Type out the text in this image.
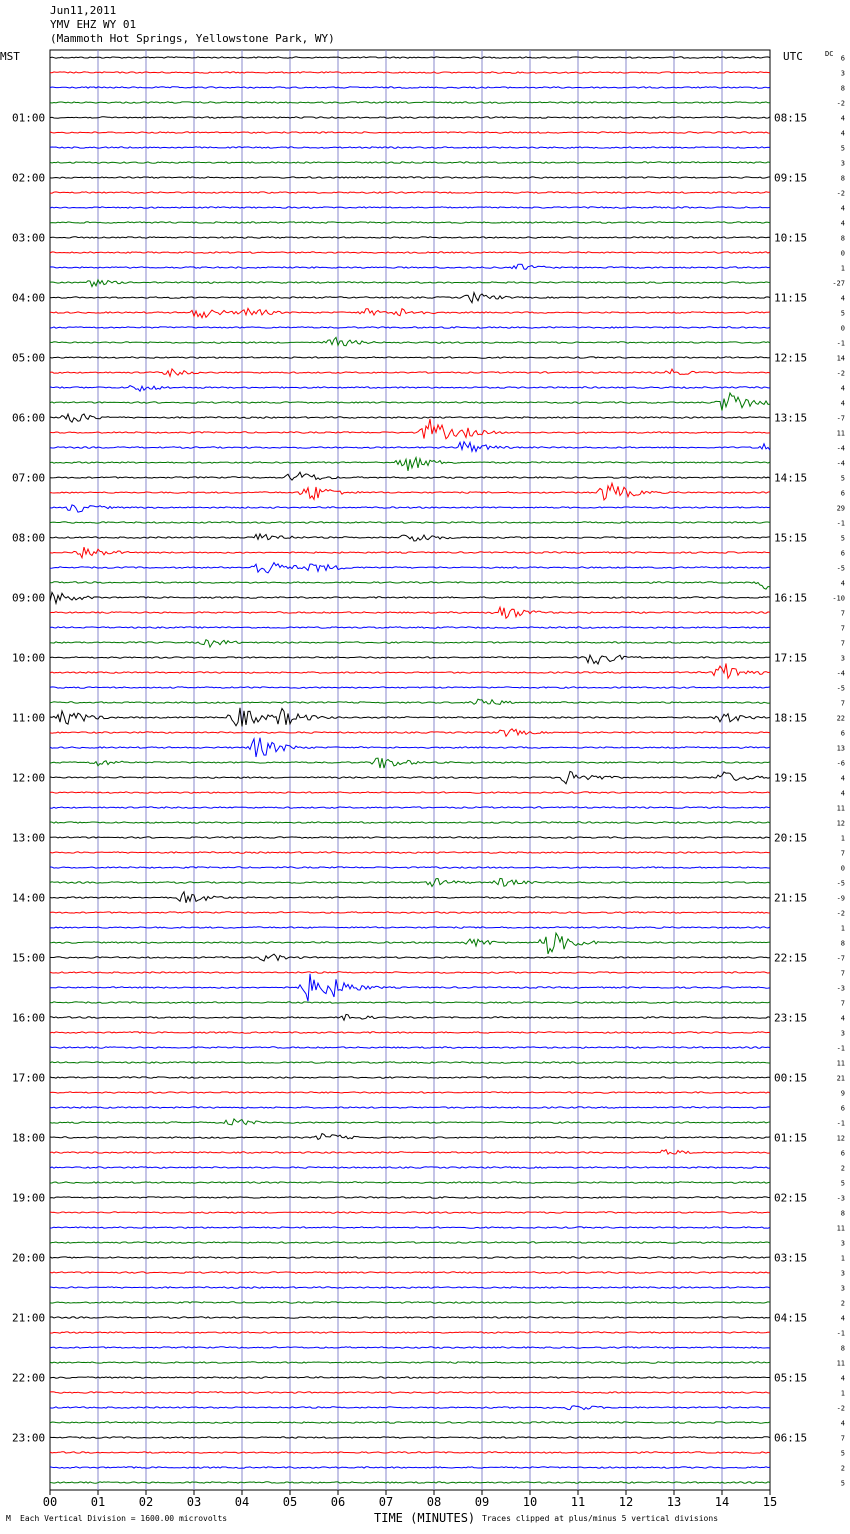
Jun11,2011
YMV EHZ WY 01
(Mammoth Hot Springs, Yellowstone Park, WY)
MST	UTC	DC
TIME (MINUTES)
01:00
02:00
03:00
04:00
05:00
06:00
07:00
08:00
09:00
10:00
11:00
12:00
13:00
14:00
15:00
16:00
17:00
18:00
19:00
20:00
21:00
22:00
23:00
08:15
09:15
10:15
11:15
12:15
13:15
14:15
15:15
16:15
17:15
18:15
19:15
20:15
21:15
22:15
23:15
00:15
01:15
02:15
03:15
04:15
05:15
06:15
6
3
8
-2
4
4
5
3
8
-2
4
4
8
0
1
-27
4
5
0
-1
14
-2
4
4
-7
11
-4
-4
5
6
29
-1
5
6
-5
4
-10
7
7
7
3
-4
-5
7
22
6
13
-6
4
4
11
12
1
7
0
-5
-9
-2
1
8
-7
7
-3
7
4
3
-1
11
21
9
6
-1
12
6
2
5
-3
8
11
3
1
3
3
2
4
-1
8
11
4
1
-2
4
7
5
2
5
00	01	02	03	04	05	06	07	08	09	10	11	12	13	14	15
M Each Vertical Division = 1600.00 microvolts	Traces clipped at plus/minus 5 vertical divisions
